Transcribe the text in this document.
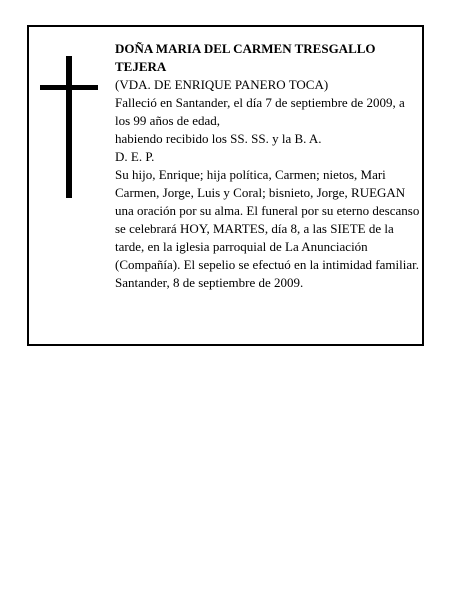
DOÑA MARIA DEL CARMEN TRESGALLO TEJERA
(VDA. DE ENRIQUE PANERO TOCA)
Falleció en Santander, el día 7 de septiembre de 2009, a los 99 años de edad,
habiendo recibido los SS. SS. y la B. A.
D. E. P.
Su hijo, Enrique; hija política, Carmen; nietos, Mari Carmen, Jorge, Luis y Coral; bisnieto, Jorge, RUEGAN una oración por su alma. El funeral por su eterno descanso se celebrará HOY, MARTES, día 8, a las SIETE de la tarde, en la iglesia parroquial de La Anunciación (Compañía). El sepelio se efectuó en la intimidad familiar.
Santander, 8 de septiembre de 2009.
